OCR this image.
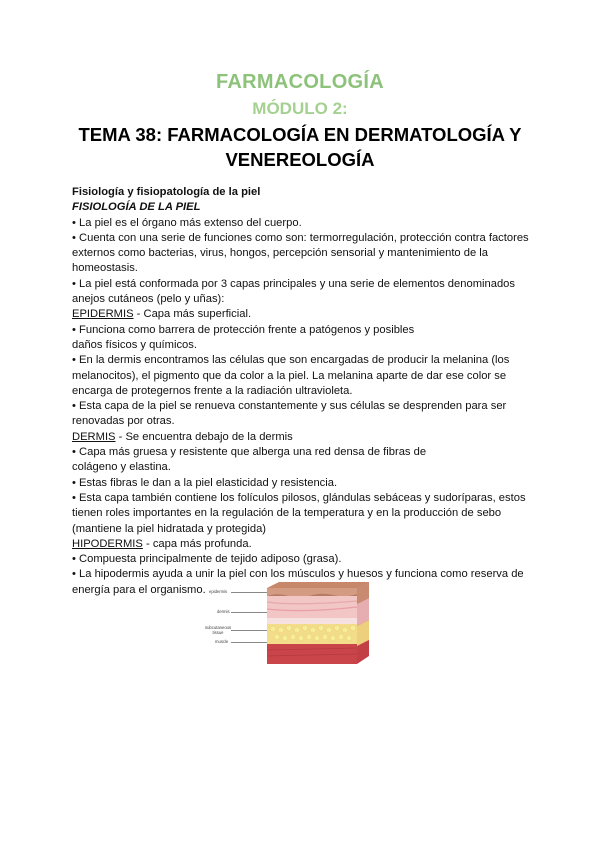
FARMACOLOGÍA
MÓDULO 2:
TEMA 38: FARMACOLOGÍA EN DERMATOLOGÍA Y
VENEREOLOGÍA

Fisiología y fisiopatología de la piel

FISIOLOGÍA DE LA PIEL

• La piel es el órgano más extenso del cuerpo.

• Cuenta con una serie de funciones como son: termorregulación, protección contra factores externos como bacterias, virus, hongos, percepción sensorial y mantenimiento de la homeostasis.

• La piel está conformada por 3 capas principales y una serie de elementos denominados anejos cutáneos (pelo y uñas):

EPIDERMIS - Capa más superficial.

• Funciona como barrera de protección frente a patógenos y posibles daños físicos y químicos.

• En la dermis encontramos las células que son encargadas de producir la melanina (los melanocitos), el pigmento que da color a la piel. La melanina aparte de dar ese color se encarga de protegernos frente a la radiación ultravioleta.

• Esta capa de la piel se renueva constantemente y sus células se desprenden para ser renovadas por otras.

DERMIS - Se encuentra debajo de la dermis

• Capa más gruesa y resistente que alberga una red densa de fibras de colágeno y elastina.

• Estas fibras le dan a la piel elasticidad y resistencia.

• Esta capa también contiene los folículos pilosos, glándulas sebáceas y sudoríparas, estos tienen roles importantes en la regulación de la temperatura y en la producción de sebo (mantiene la piel hidratada y protegida)

HIPODERMIS - capa más profunda.

• Compuesta principalmente de tejido adiposo (grasa).

• La hipodermis ayuda a unir la piel con los músculos y huesos y funciona como reserva de energía para el organismo. epidermis
dermis
subcutaneous tissue
muscle
